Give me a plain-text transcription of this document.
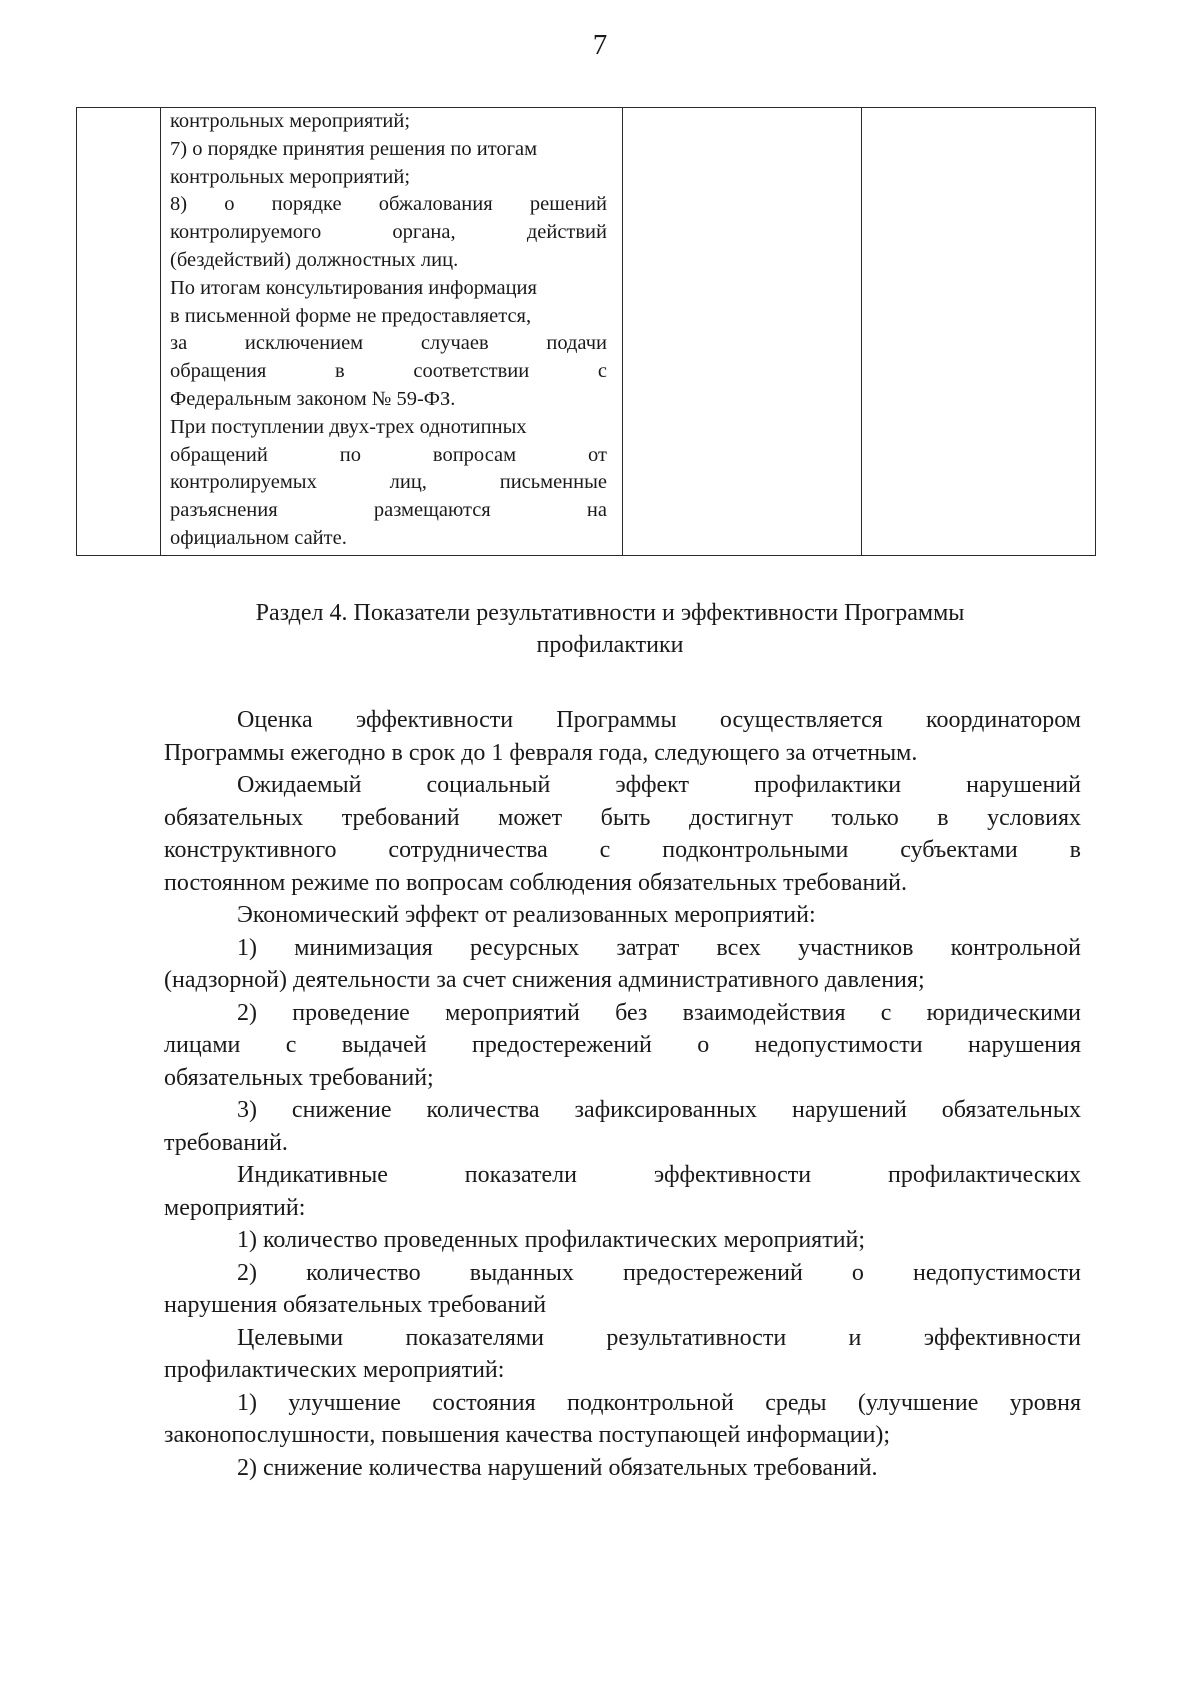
7
контрольных мероприятий;
7) о порядке принятия решения по итогам
контрольных мероприятий;
8) о порядке обжалования решений
контролируемого органа, действий
(бездействий) должностных лиц.
По итогам консультирования информация
в письменной форме не предоставляется,
за исключением случаев подачи
обращения в соответствии с
Федеральным законом № 59-ФЗ.
При поступлении двух-трех однотипных
обращений по вопросам от
контролируемых лиц, письменные
разъяснения размещаются на
официальном сайте.
Раздел 4. Показатели результативности и эффективности Программы
профилактики
Оценка эффективности Программы осуществляется координатором
Программы ежегодно в срок до 1 февраля года, следующего за отчетным.
Ожидаемый социальный эффект профилактики нарушений
обязательных требований может быть достигнут только в условиях
конструктивного сотрудничества с подконтрольными субъектами в
постоянном режиме по вопросам соблюдения обязательных требований.
Экономический эффект от реализованных мероприятий:
1) минимизация ресурсных затрат всех участников контрольной
(надзорной) деятельности за счет снижения административного давления;
2) проведение мероприятий без взаимодействия с юридическими
лицами с выдачей предостережений о недопустимости нарушения
обязательных требований;
3) снижение количества зафиксированных нарушений обязательных
требований.
Индикативные показатели эффективности профилактических
мероприятий:
1) количество проведенных профилактических мероприятий;
2) количество выданных предостережений о недопустимости
нарушения обязательных требований
Целевыми показателями результативности и эффективности
профилактических мероприятий:
1) улучшение состояния подконтрольной среды (улучшение уровня
законопослушности, повышения качества поступающей информации);
2) снижение количества нарушений обязательных требований.
